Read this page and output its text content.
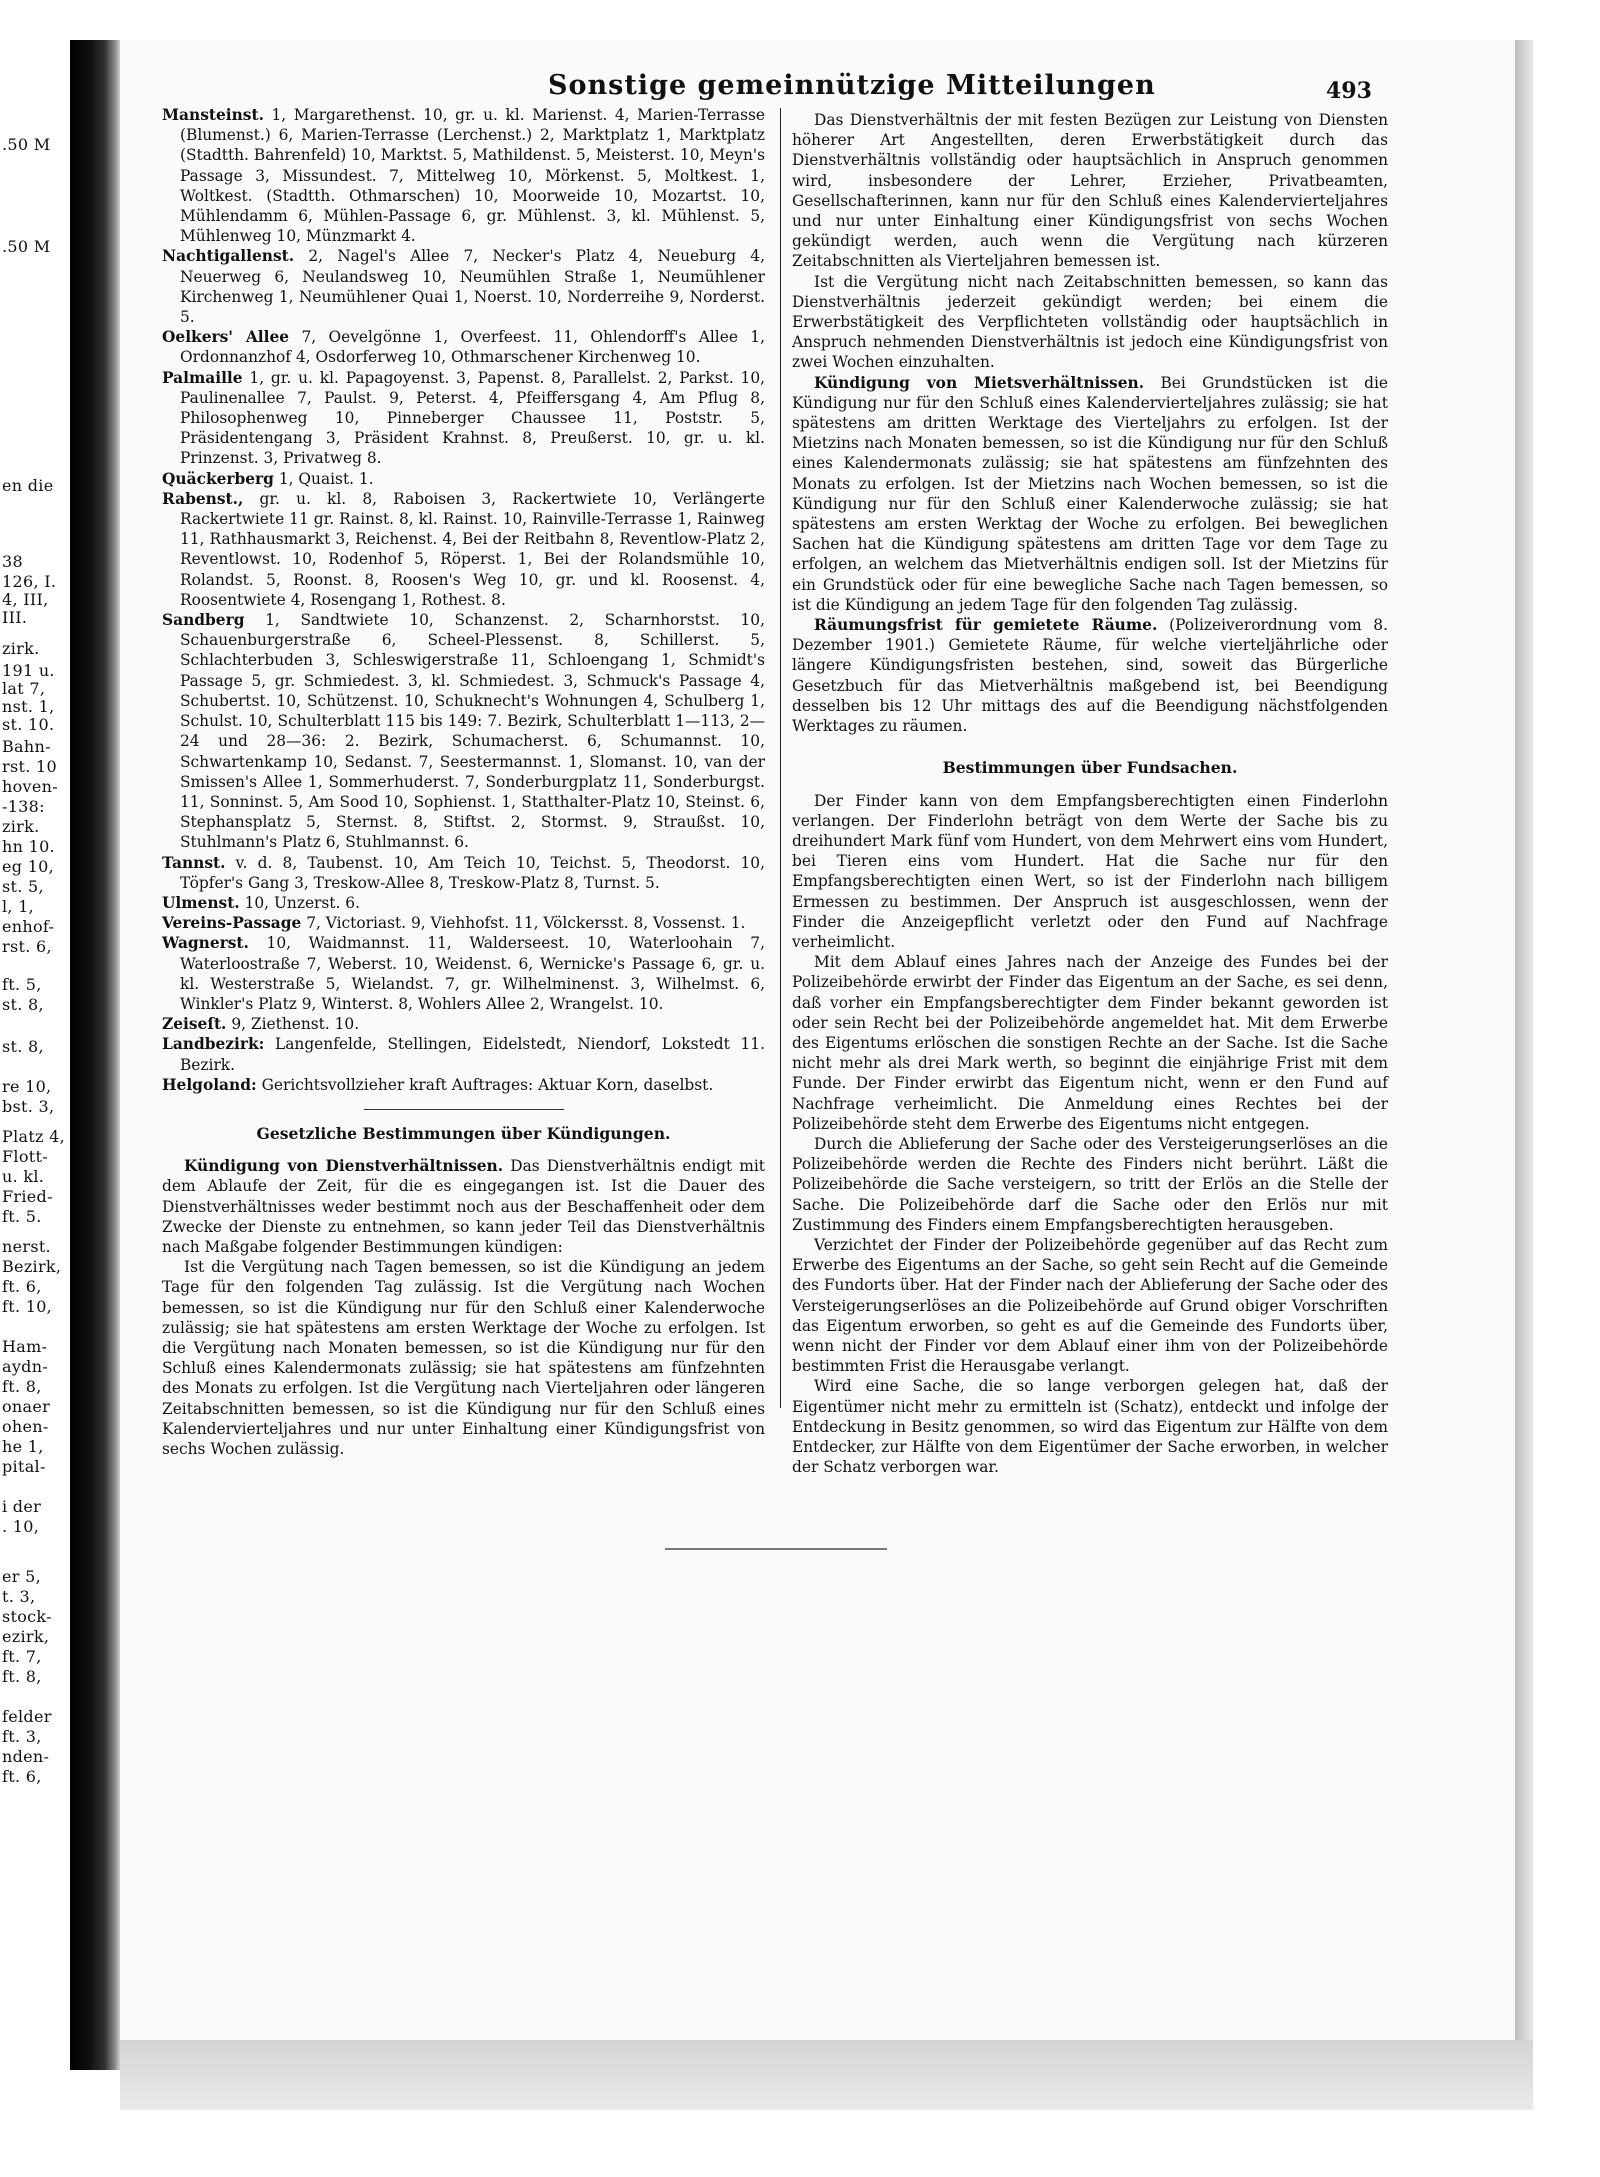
.50 M
.50 M
en die
38
126, I.
4, III,
III.
zirk.
191 u.
lat 7,
nst. 1,
st. 10.
Bahn-
rst. 10
hoven-
-138:
zirk.
hn 10.
eg 10,
st. 5,
l, 1,
enhof-
rst. 6,
ft. 5,
st. 8,
st. 8,
re 10,
bst. 3,
Platz 4,
Flott-
u. kl.
Fried-
ft. 5.
nerst.
Bezirk,
ft. 6,
ft. 10,
Ham-
aydn-
ft. 8,
onaer
ohen-
he 1,
pital-
i der
. 10,
er 5,
t. 3,
stock-
ezirk,
ft. 7,
ft. 8,
felder
ft. 3,
nden-
ft. 6,
Sonstige gemeinnützige Mitteilungen	493

Mansteinst. 1, Margarethenst. 10, gr. u. kl. Marienst. 4, Marien-Terrasse (Blumenst.) 6, Marien-Terrasse (Lerchenst.) 2, Marktplatz 1, Marktplatz (Stadtth. Bahrenfeld) 10, Marktst. 5, Mathildenst. 5, Meisterst. 10, Meyn's Passage 3, Missundest. 7, Mittelweg 10, Mörkenst. 5, Moltkest. 1, Woltkest. (Stadtth. Othmarschen) 10, Moorweide 10, Mozartst. 10, Mühlendamm 6, Mühlen-Passage 6, gr. Mühlenst. 3, kl. Mühlenst. 5, Mühlenweg 10, Münzmarkt 4.

Nachtigallenst. 2, Nagel's Allee 7, Necker's Platz 4, Neueburg 4, Neuerweg 6, Neulandsweg 10, Neumühlen Straße 1, Neumühlener Kirchenweg 1, Neumühlener Quai 1, Noerst. 10, Norderreihe 9, Norderst. 5.

Oelkers' Allee 7, Oevelgönne 1, Overfeest. 11, Ohlendorff's Allee 1, Ordonnanzhof 4, Osdorferweg 10, Othmarschener Kirchenweg 10.

Palmaille 1, gr. u. kl. Papagoyenst. 3, Papenst. 8, Parallelst. 2, Parkst. 10, Paulinenallee 7, Paulst. 9, Peterst. 4, Pfeiffersgang 4, Am Pflug 8, Philosophenweg 10, Pinneberger Chaussee 11, Poststr. 5, Präsidentengang 3, Präsident Krahnst. 8, Preußerst. 10, gr. u. kl. Prinzenst. 3, Privatweg 8.

Quäckerberg 1, Quaist. 1.

Rabenst., gr. u. kl. 8, Raboisen 3, Rackertwiete 10, Verlängerte Rackertwiete 11 gr. Rainst. 8, kl. Rainst. 10, Rainville-Terrasse 1, Rainweg 11, Rathhausmarkt 3, Reichenst. 4, Bei der Reitbahn 8, Reventlow-Platz 2, Reventlowst. 10, Rodenhof 5, Röperst. 1, Bei der Rolandsmühle 10, Rolandst. 5, Roonst. 8, Roosen's Weg 10, gr. und kl. Roosenst. 4, Roosentwiete 4, Rosengang 1, Rothest. 8.

Sandberg 1, Sandtwiete 10, Schanzenst. 2, Scharnhorstst. 10, Schauenburgerstraße 6, Scheel-Plessenst. 8, Schillerst. 5, Schlachterbuden 3, Schleswigerstraße 11, Schloengang 1, Schmidt's Passage 5, gr. Schmiedest. 3, kl. Schmiedest. 3, Schmuck's Passage 4, Schubertst. 10, Schützenst. 10, Schuknecht's Wohnungen 4, Schulberg 1, Schulst. 10, Schulterblatt 115 bis 149: 7. Bezirk, Schulterblatt 1—113, 2—24 und 28—36: 2. Bezirk, Schumacherst. 6, Schumannst. 10, Schwartenkamp 10, Sedanst. 7, Seestermannst. 1, Slomanst. 10, van der Smissen's Allee 1, Sommerhuderst. 7, Sonderburgplatz 11, Sonderburgst. 11, Sonninst. 5, Am Sood 10, Sophienst. 1, Statthalter-Platz 10, Steinst. 6, Stephansplatz 5, Sternst. 8, Stiftst. 2, Stormst. 9, Straußst. 10, Stuhlmann's Platz 6, Stuhlmannst. 6.

Tannst. v. d. 8, Taubenst. 10, Am Teich 10, Teichst. 5, Theodorst. 10, Töpfer's Gang 3, Treskow-Allee 8, Treskow-Platz 8, Turnst. 5.

Ulmenst. 10, Unzerst. 6.

Vereins-Passage 7, Victoriast. 9, Viehhofst. 11, Völckersst. 8, Vossenst. 1.

Wagnerst. 10, Waidmannst. 11, Walderseest. 10, Waterloohain 7, Waterloostraße 7, Weberst. 10, Weidenst. 6, Wernicke's Passage 6, gr. u. kl. Westerstraße 5, Wielandst. 7, gr. Wilhelminenst. 3, Wilhelmst. 6, Winkler's Platz 9, Winterst. 8, Wohlers Allee 2, Wrangelst. 10.

Zeiseſt. 9, Ziethenst. 10.

Landbezirk: Langenfelde, Stellingen, Eidelstedt, Niendorf, Lokstedt 11. Bezirk.

Helgoland: Gerichtsvollzieher kraft Auftrages: Aktuar Korn, daselbst.

Gesetzliche Bestimmungen über Kündigungen.

Kündigung von Dienstverhältnissen. Das Dienstverhältnis endigt mit dem Ablaufe der Zeit, für die es eingegangen ist. Ist die Dauer des Dienstverhältnisses weder bestimmt noch aus der Beschaffenheit oder dem Zwecke der Dienste zu entnehmen, so kann jeder Teil das Dienstverhältnis nach Maßgabe folgender Bestimmungen kündigen:

Ist die Vergütung nach Tagen bemessen, so ist die Kündigung an jedem Tage für den folgenden Tag zulässig. Ist die Vergütung nach Wochen bemessen, so ist die Kündigung nur für den Schluß einer Kalenderwoche zulässig; sie hat spätestens am ersten Werktage der Woche zu erfolgen. Ist die Vergütung nach Monaten bemessen, so ist die Kündigung nur für den Schluß eines Kalendermonats zulässig; sie hat spätestens am fünfzehnten des Monats zu erfolgen. Ist die Vergütung nach Vierteljahren oder längeren Zeitabschnitten bemessen, so ist die Kündigung nur für den Schluß eines Kalendervierteljahres und nur unter Einhaltung einer Kündigungsfrist von sechs Wochen zulässig.

Das Dienstverhältnis der mit festen Bezügen zur Leistung von Diensten höherer Art Angestellten, deren Erwerbstätigkeit durch das Dienstverhältnis vollständig oder hauptsächlich in Anspruch genommen wird, insbesondere der Lehrer, Erzieher, Privatbeamten, Gesellschafterinnen, kann nur für den Schluß eines Kalendervierteljahres und nur unter Einhaltung einer Kündigungsfrist von sechs Wochen gekündigt werden, auch wenn die Vergütung nach kürzeren Zeitabschnitten als Vierteljahren bemessen ist.

Ist die Vergütung nicht nach Zeitabschnitten bemessen, so kann das Dienstverhältnis jederzeit gekündigt werden; bei einem die Erwerbstätigkeit des Verpflichteten vollständig oder hauptsächlich in Anspruch nehmenden Dienstverhältnis ist jedoch eine Kündigungsfrist von zwei Wochen einzuhalten.

Kündigung von Mietsverhältnissen. Bei Grundstücken ist die Kündigung nur für den Schluß eines Kalendervierteljahres zulässig; sie hat spätestens am dritten Werktage des Vierteljahrs zu erfolgen. Ist der Mietzins nach Monaten bemessen, so ist die Kündigung nur für den Schluß eines Kalendermonats zulässig; sie hat spätestens am fünfzehnten des Monats zu erfolgen. Ist der Mietzins nach Wochen bemessen, so ist die Kündigung nur für den Schluß einer Kalenderwoche zulässig; sie hat spätestens am ersten Werktag der Woche zu erfolgen. Bei beweglichen Sachen hat die Kündigung spätestens am dritten Tage vor dem Tage zu erfolgen, an welchem das Mietverhältnis endigen soll. Ist der Mietzins für ein Grundstück oder für eine bewegliche Sache nach Tagen bemessen, so ist die Kündigung an jedem Tage für den folgenden Tag zulässig.

Räumungsfrist für gemietete Räume. (Polizeiverordnung vom 8. Dezember 1901.) Gemietete Räume, für welche vierteljährliche oder längere Kündigungsfristen bestehen, sind, soweit das Bürgerliche Gesetzbuch für das Mietverhältnis maßgebend ist, bei Beendigung desselben bis 12 Uhr mittags des auf die Beendigung nächstfolgenden Werktages zu räumen.

Bestimmungen über Fundsachen.

Der Finder kann von dem Empfangsberechtigten einen Finderlohn verlangen. Der Finderlohn beträgt von dem Werte der Sache bis zu dreihundert Mark fünf vom Hundert, von dem Mehrwert eins vom Hundert, bei Tieren eins vom Hundert. Hat die Sache nur für den Empfangsberechtigten einen Wert, so ist der Finderlohn nach billigem Ermessen zu bestimmen. Der Anspruch ist ausgeschlossen, wenn der Finder die Anzeigepflicht verletzt oder den Fund auf Nachfrage verheimlicht.

Mit dem Ablauf eines Jahres nach der Anzeige des Fundes bei der Polizeibehörde erwirbt der Finder das Eigentum an der Sache, es sei denn, daß vorher ein Empfangsberechtigter dem Finder bekannt geworden ist oder sein Recht bei der Polizeibehörde angemeldet hat. Mit dem Erwerbe des Eigentums erlöschen die sonstigen Rechte an der Sache. Ist die Sache nicht mehr als drei Mark werth, so beginnt die einjährige Frist mit dem Funde. Der Finder erwirbt das Eigentum nicht, wenn er den Fund auf Nachfrage verheimlicht. Die Anmeldung eines Rechtes bei der Polizeibehörde steht dem Erwerbe des Eigentums nicht entgegen.

Durch die Ablieferung der Sache oder des Versteigerungserlöses an die Polizeibehörde werden die Rechte des Finders nicht berührt. Läßt die Polizeibehörde die Sache versteigern, so tritt der Erlös an die Stelle der Sache. Die Polizeibehörde darf die Sache oder den Erlös nur mit Zustimmung des Finders einem Empfangsberechtigten herausgeben.

Verzichtet der Finder der Polizeibehörde gegenüber auf das Recht zum Erwerbe des Eigentums an der Sache, so geht sein Recht auf die Gemeinde des Fundorts über. Hat der Finder nach der Ablieferung der Sache oder des Versteigerungserlöses an die Polizeibehörde auf Grund obiger Vorschriften das Eigentum erworben, so geht es auf die Gemeinde des Fundorts über, wenn nicht der Finder vor dem Ablauf einer ihm von der Polizeibehörde bestimmten Frist die Herausgabe verlangt.

Wird eine Sache, die so lange verborgen gelegen hat, daß der Eigentümer nicht mehr zu ermitteln ist (Schatz), entdeckt und infolge der Entdeckung in Besitz genommen, so wird das Eigentum zur Hälfte von dem Entdecker, zur Hälfte von dem Eigentümer der Sache erworben, in welcher der Schatz verborgen war.
